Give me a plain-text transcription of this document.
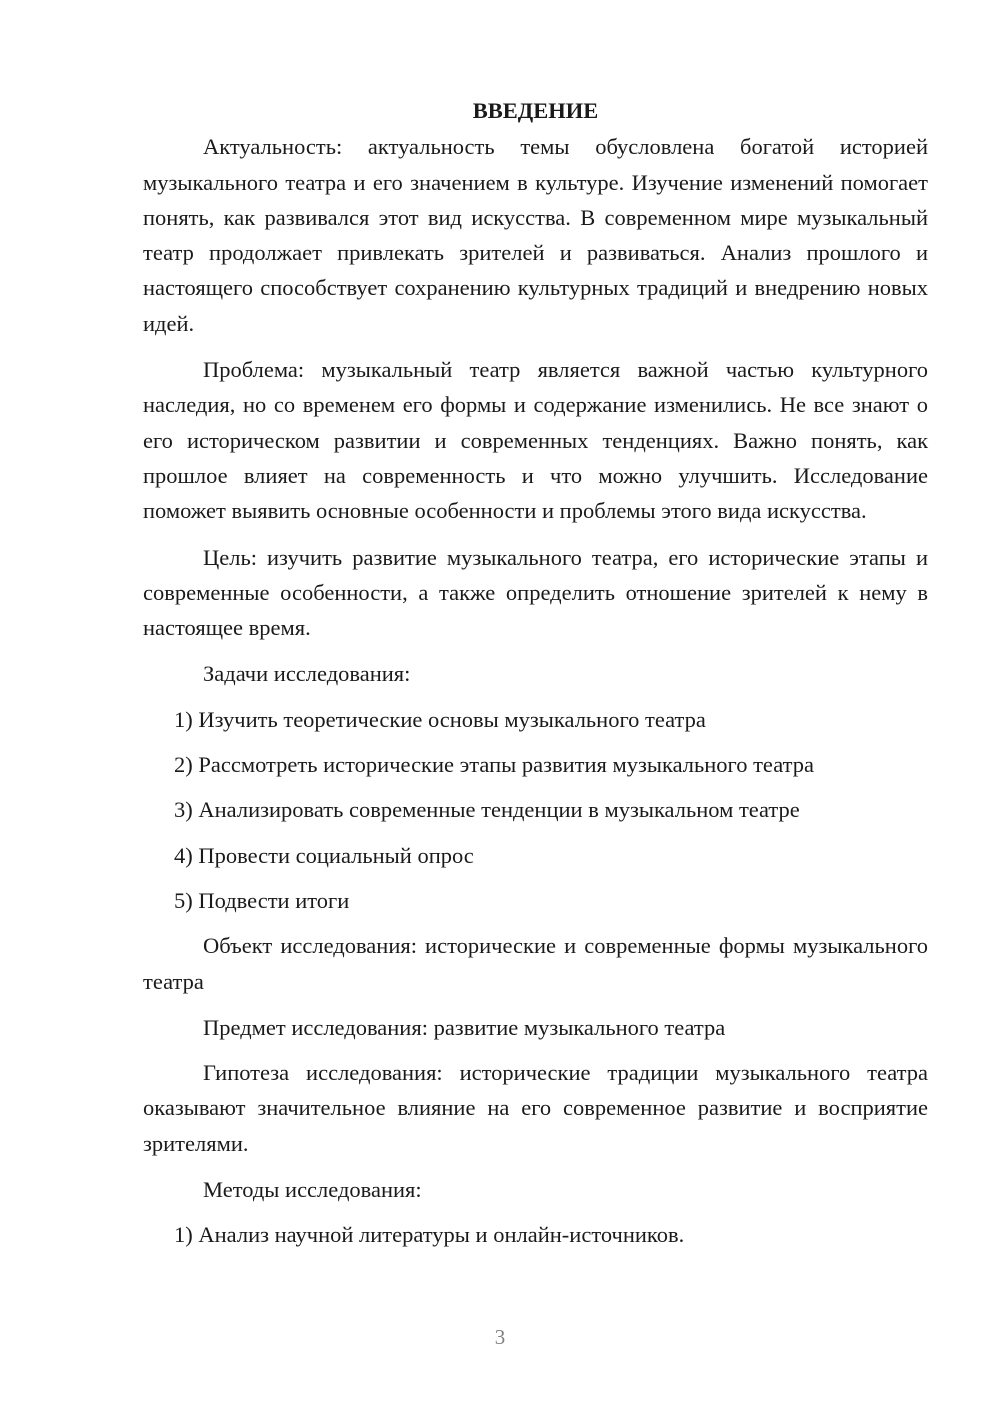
ВВЕДЕНИЕ

Актуальность: актуальность темы обусловлена богатой историей музыкального театра и его значением в культуре. Изучение изменений помогает понять, как развивался этот вид искусства. В современном мире музыкальный театр продолжает привлекать зрителей и развиваться. Анализ прошлого и настоящего способствует сохранению культурных традиций и внедрению новых идей.

Проблема: музыкальный театр является важной частью культурного наследия, но со временем его формы и содержание изменились. Не все знают о его историческом развитии и современных тенденциях. Важно понять, как прошлое влияет на современность и что можно улучшить. Исследование поможет выявить основные особенности и проблемы этого вида искусства.

Цель: изучить развитие музыкального театра, его исторические этапы и современные особенности, а также определить отношение зрителей к нему в настоящее время.

Задачи исследования:

1) Изучить теоретические основы музыкального театра

2) Рассмотреть исторические этапы развития музыкального театра

3) Анализировать современные тенденции в музыкальном театре

4) Провести социальный опрос

5) Подвести итоги

Объект исследования: исторические и современные формы музыкального театра

Предмет исследования: развитие музыкального театра

Гипотеза исследования: исторические традиции музыкального театра оказывают значительное влияние на его современное развитие и восприятие зрителями.

Методы исследования:

1) Анализ научной литературы и онлайн-источников.

3
